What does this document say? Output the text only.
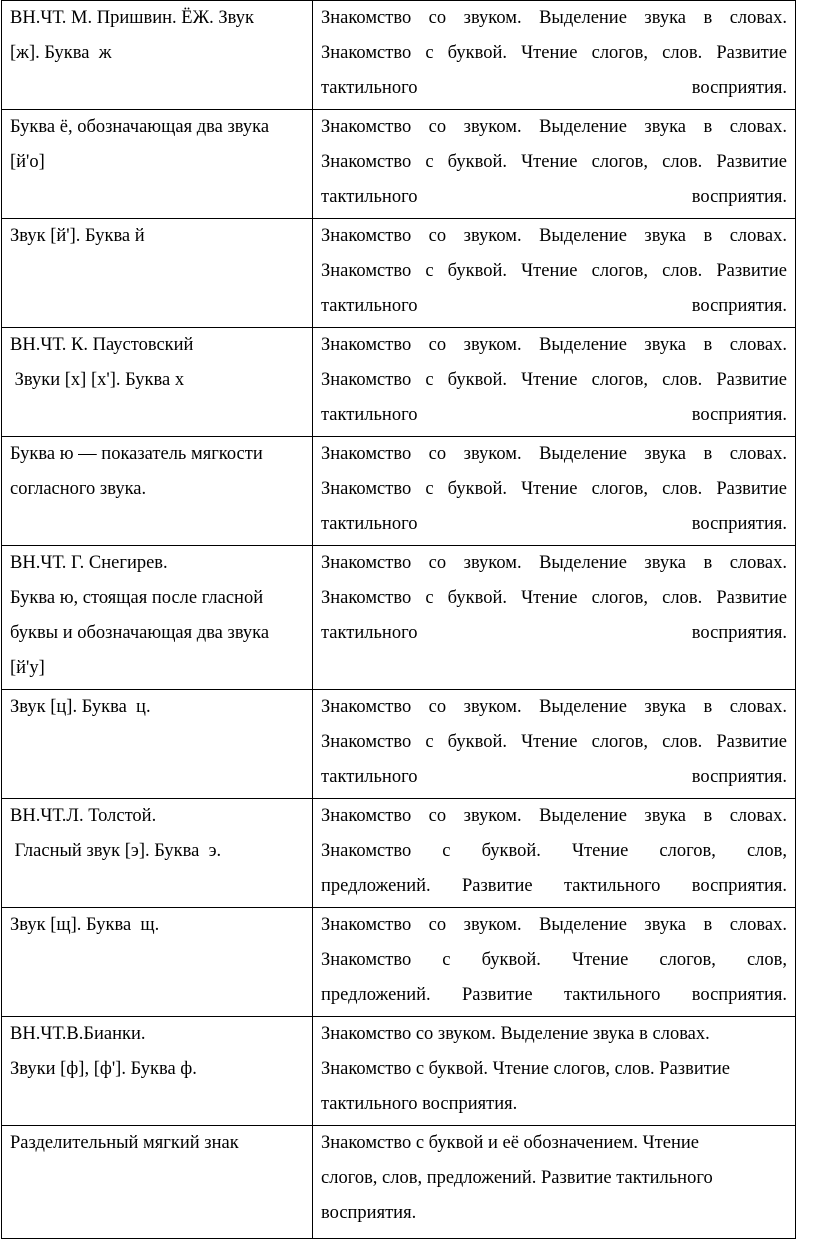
ВН.ЧТ. М. Пришвин. ЁЖ. Звук
[ж]. Буква  ж	Знакомство со звуком. Выделение звука в словах.
Знакомство с буквой. Чтение слогов, слов. Развитие
тактильного восприятия.

Буква ё, обозначающая два звука
[й'о]	Знакомство со звуком. Выделение звука в словах.
Знакомство с буквой. Чтение слогов, слов. Развитие
тактильного восприятия.

Звук [й']. Буква й	Знакомство со звуком. Выделение звука в словах.
Знакомство с буквой. Чтение слогов, слов. Развитие
тактильного восприятия.

ВН.ЧТ. К. Паустовский
Звуки [х] [х']. Буква х	Знакомство со звуком. Выделение звука в словах.
Знакомство с буквой. Чтение слогов, слов. Развитие
тактильного восприятия.

Буква ю — показатель мягкости
согласного звука.	Знакомство со звуком. Выделение звука в словах.
Знакомство с буквой. Чтение слогов, слов. Развитие
тактильного восприятия.

ВН.ЧТ. Г. Снегирев.
Буква ю, стоящая после гласной
буквы и обозначающая два звука
[й'у]	Знакомство со звуком. Выделение звука в словах.
Знакомство с буквой. Чтение слогов, слов. Развитие
тактильного восприятия.

Звук [ц]. Буква  ц.	Знакомство со звуком. Выделение звука в словах.
Знакомство с буквой. Чтение слогов, слов. Развитие
тактильного восприятия.

ВН.ЧТ.Л. Толстой.
Гласный звук [э]. Буква  э.	Знакомство со звуком. Выделение звука в словах.
Знакомство с буквой. Чтение слогов, слов,
предложений. Развитие тактильного восприятия.

Звук [щ]. Буква  щ.	Знакомство со звуком. Выделение звука в словах.
Знакомство с буквой. Чтение слогов, слов,
предложений. Развитие тактильного восприятия.

ВН.ЧТ.В.Бианки.
Звуки [ф], [ф']. Буква ф.	Знакомство со звуком. Выделение звука в словах.
Знакомство с буквой. Чтение слогов, слов. Развитие
тактильного восприятия.

Разделительный мягкий знак	Знакомство с буквой и её обозначением. Чтение
слогов, слов, предложений. Развитие тактильного
восприятия.
